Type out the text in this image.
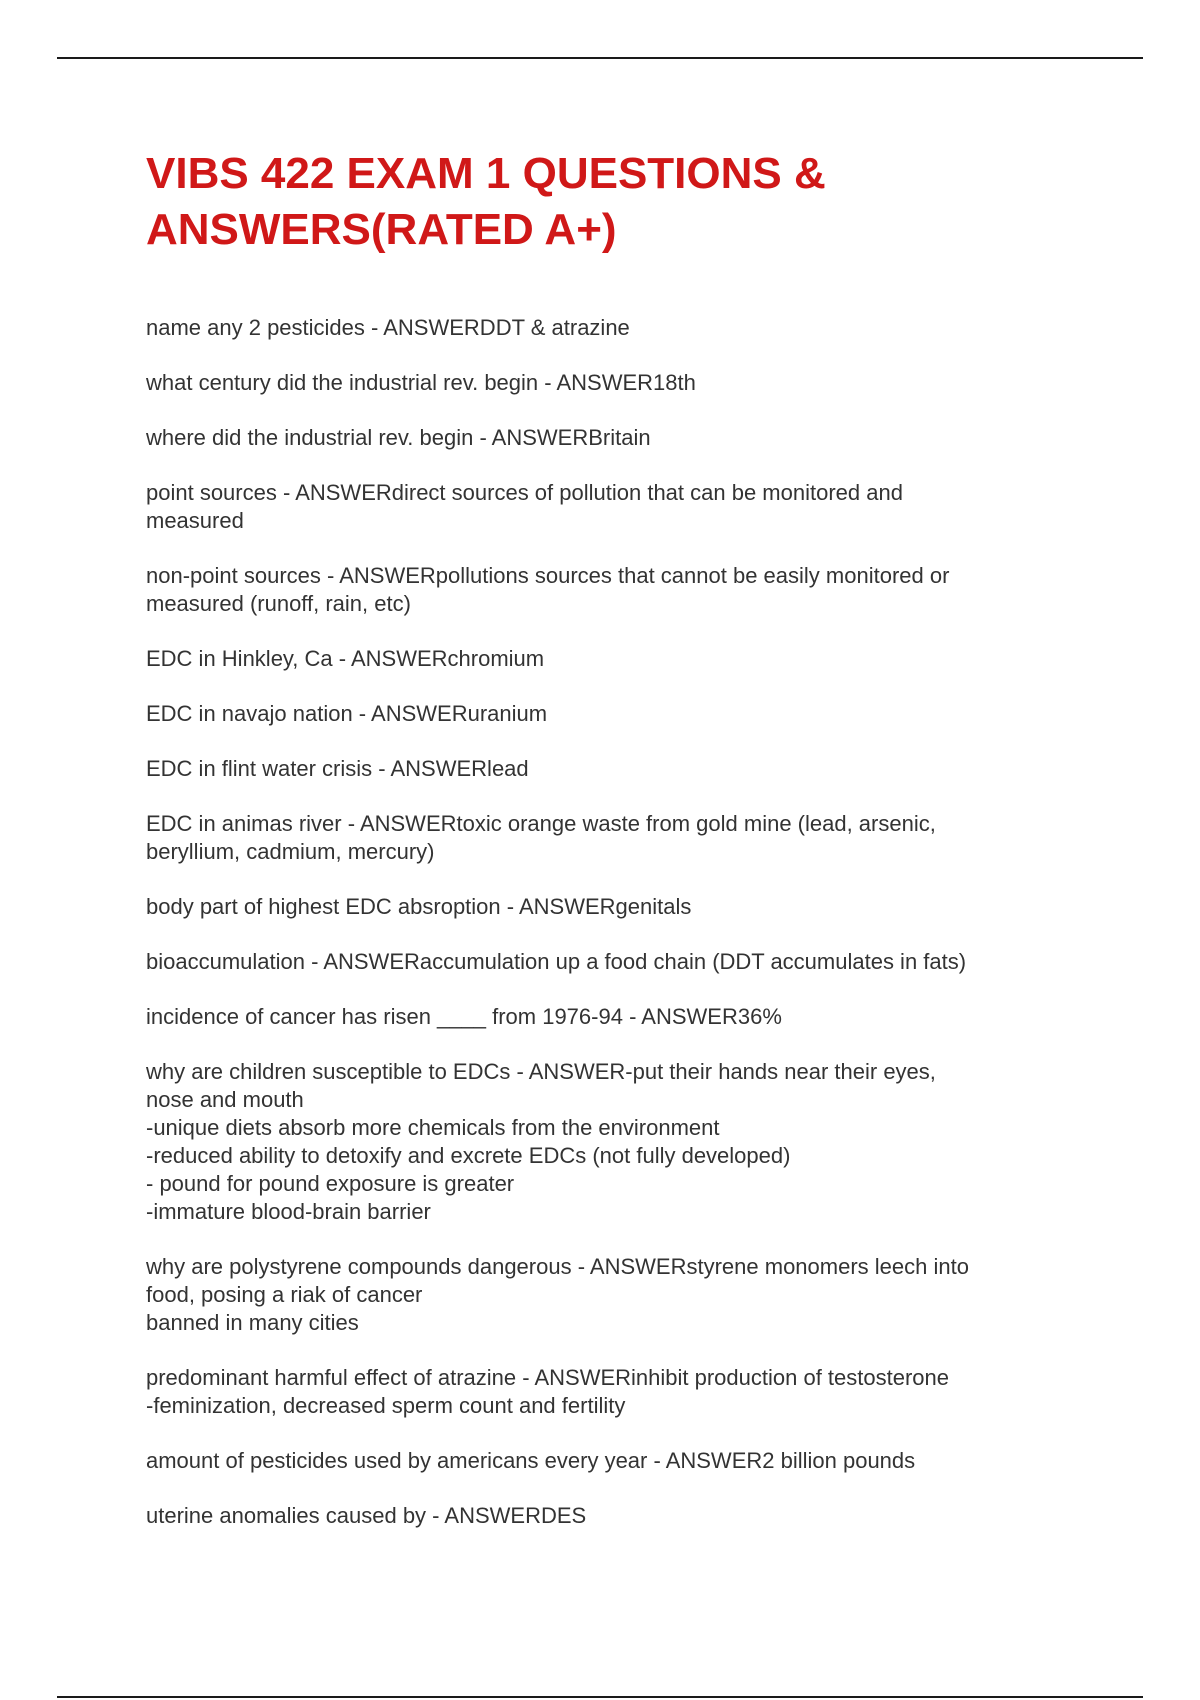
VIBS 422 EXAM 1 QUESTIONS & ANSWERS(RATED A+)
name any 2 pesticides - ANSWERDDT & atrazine
what century did the industrial rev. begin - ANSWER18th
where did the industrial rev. begin - ANSWERBritain
point sources - ANSWERdirect sources of pollution that can be monitored and
measured
non-point sources - ANSWERpollutions sources that cannot be easily monitored or
measured (runoff, rain, etc)
EDC in Hinkley, Ca - ANSWERchromium
EDC in navajo nation - ANSWERuranium
EDC in flint water crisis - ANSWERlead
EDC in animas river - ANSWERtoxic orange waste from gold mine (lead, arsenic,
beryllium, cadmium, mercury)
body part of highest EDC absroption - ANSWERgenitals
bioaccumulation - ANSWERaccumulation up a food chain (DDT accumulates in fats)
incidence of cancer has risen ____ from 1976-94 - ANSWER36%
why are children susceptible to EDCs - ANSWER-put their hands near their eyes,
nose and mouth
-unique diets absorb more chemicals from the environment
-reduced ability to detoxify and excrete EDCs (not fully developed)
- pound for pound exposure is greater
-immature blood-brain barrier
why are polystyrene compounds dangerous - ANSWERstyrene monomers leech into
food, posing a riak of cancer
banned in many cities
predominant harmful effect of atrazine - ANSWERinhibit production of testosterone
-feminization, decreased sperm count and fertility
amount of pesticides used by americans every year - ANSWER2 billion pounds
uterine anomalies caused by - ANSWERDES
